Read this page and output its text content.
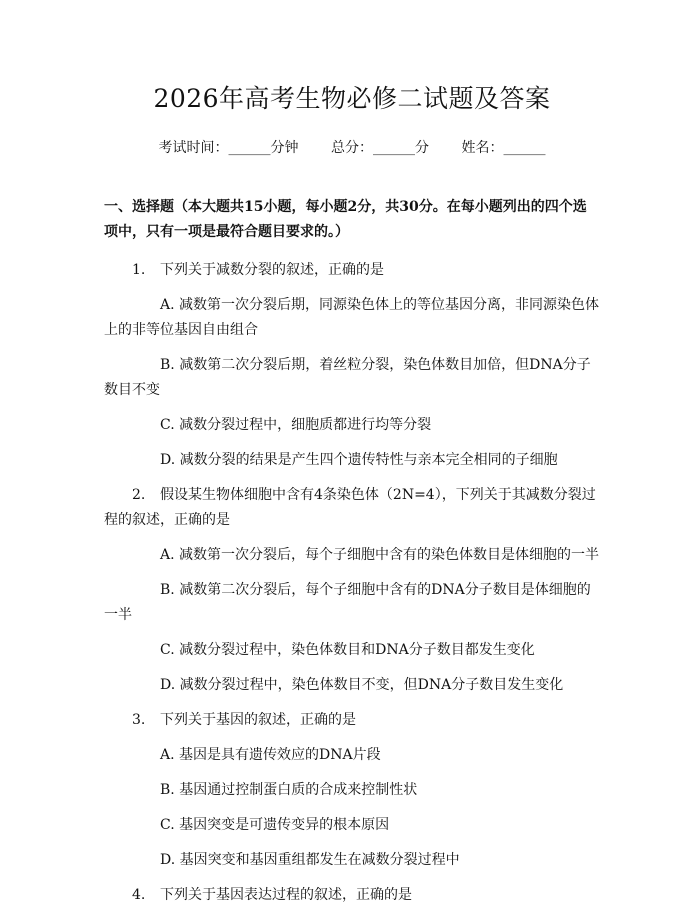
2026年高考生物必修二试题及答案
考试时间：______分钟 总分：______分 姓名：______
一、选择题（本大题共15小题，每小题2分，共30分。在每小题列出的四个选项中，只有一项是最符合题目要求的。）
1. 下列关于减数分裂的叙述，正确的是
A. 减数第一次分裂后期，同源染色体上的等位基因分离，非同源染色体上的非等位基因自由组合
B. 减数第二次分裂后期，着丝粒分裂，染色体数目加倍，但DNA分子数目不变
C. 减数分裂过程中，细胞质都进行均等分裂
D. 减数分裂的结果是产生四个遗传特性与亲本完全相同的子细胞
2. 假设某生物体细胞中含有4条染色体（2N=4），下列关于其减数分裂过程的叙述，正确的是
A. 减数第一次分裂后，每个子细胞中含有的染色体数目是体细胞的一半
B. 减数第二次分裂后，每个子细胞中含有的DNA分子数目是体细胞的一半
C. 减数分裂过程中，染色体数目和DNA分子数目都发生变化
D. 减数分裂过程中，染色体数目不变，但DNA分子数目发生变化
3. 下列关于基因的叙述，正确的是
A. 基因是具有遗传效应的DNA片段
B. 基因通过控制蛋白质的合成来控制性状
C. 基因突变是可遗传变异的根本原因
D. 基因突变和基因重组都发生在减数分裂过程中
4. 下列关于基因表达过程的叙述，正确的是
